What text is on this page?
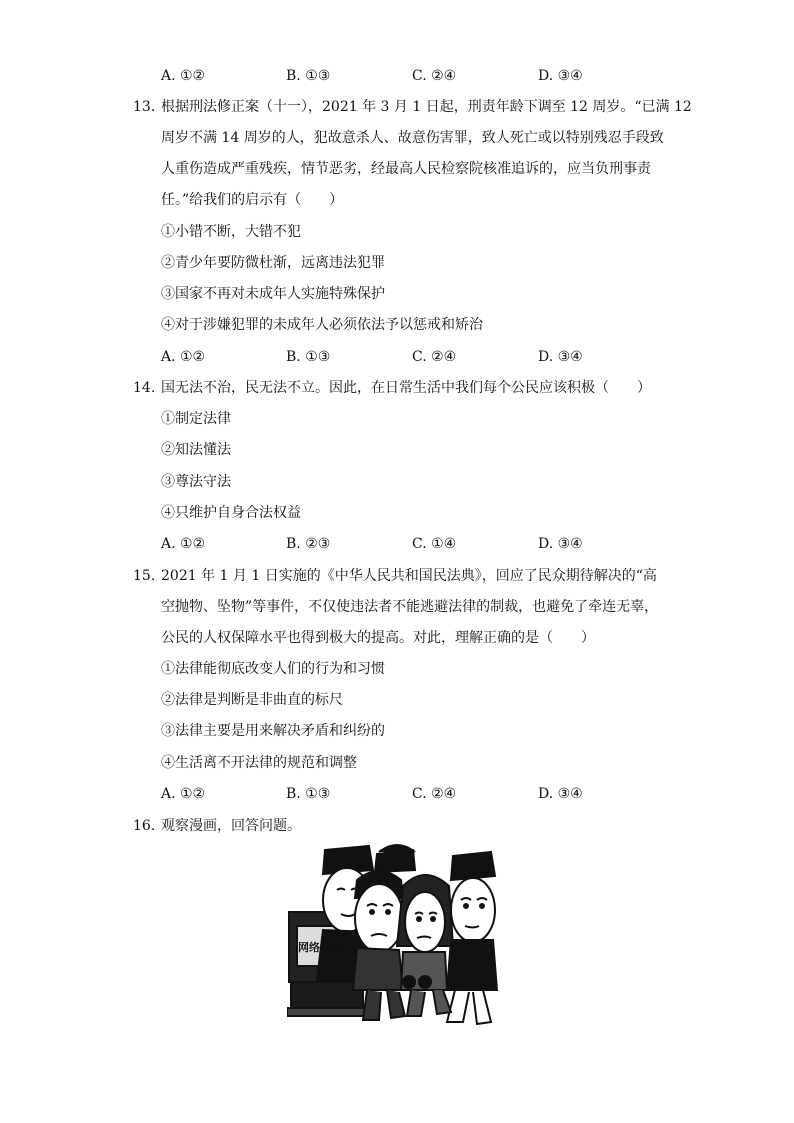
A. ①②	B. ①③	C. ②④	D. ③④
13. 根据刑法修正案（十一），2021 年 3 月 1 日起，刑责年龄下调至 12 周岁。“已满 12
周岁不满 14 周岁的人，犯故意杀人、故意伤害罪，致人死亡或以特别残忍手段致
人重伤造成严重残疾，情节恶劣，经最高人民检察院核准追诉的，应当负刑事责
任。”给我们的启示有（　　）
①小错不断，大错不犯
②青少年要防微杜渐，远离违法犯罪
③国家不再对未成年人实施特殊保护
④对于涉嫌犯罪的未成年人必须依法予以惩戒和矫治
A. ①②	B. ①③	C. ②④	D. ③④
14. 国无法不治，民无法不立。因此，在日常生活中我们每个公民应该积极（　　）
①制定法律
②知法懂法
③尊法守法
④只维护自身合法权益
A. ①②	B. ②③	C. ①④	D. ③④
15. 2021 年 1 月 1 日实施的《中华人民共和国民法典》，回应了民众期待解决的“高
空抛物、坠物”等事件，不仅使违法者不能逃避法律的制裁，也避免了牵连无辜，
公民的人权保障水平也得到极大的提高。对此，理解正确的是（　　）
①法律能彻底改变人们的行为和习惯
②法律是判断是非曲直的标尺
③法律主要是用来解决矛盾和纠纷的
④生活离不开法律的规范和调整
A. ①②	B. ①③	C. ②④	D. ③④
16. 观察漫画，回答问题。
网络诈骗
